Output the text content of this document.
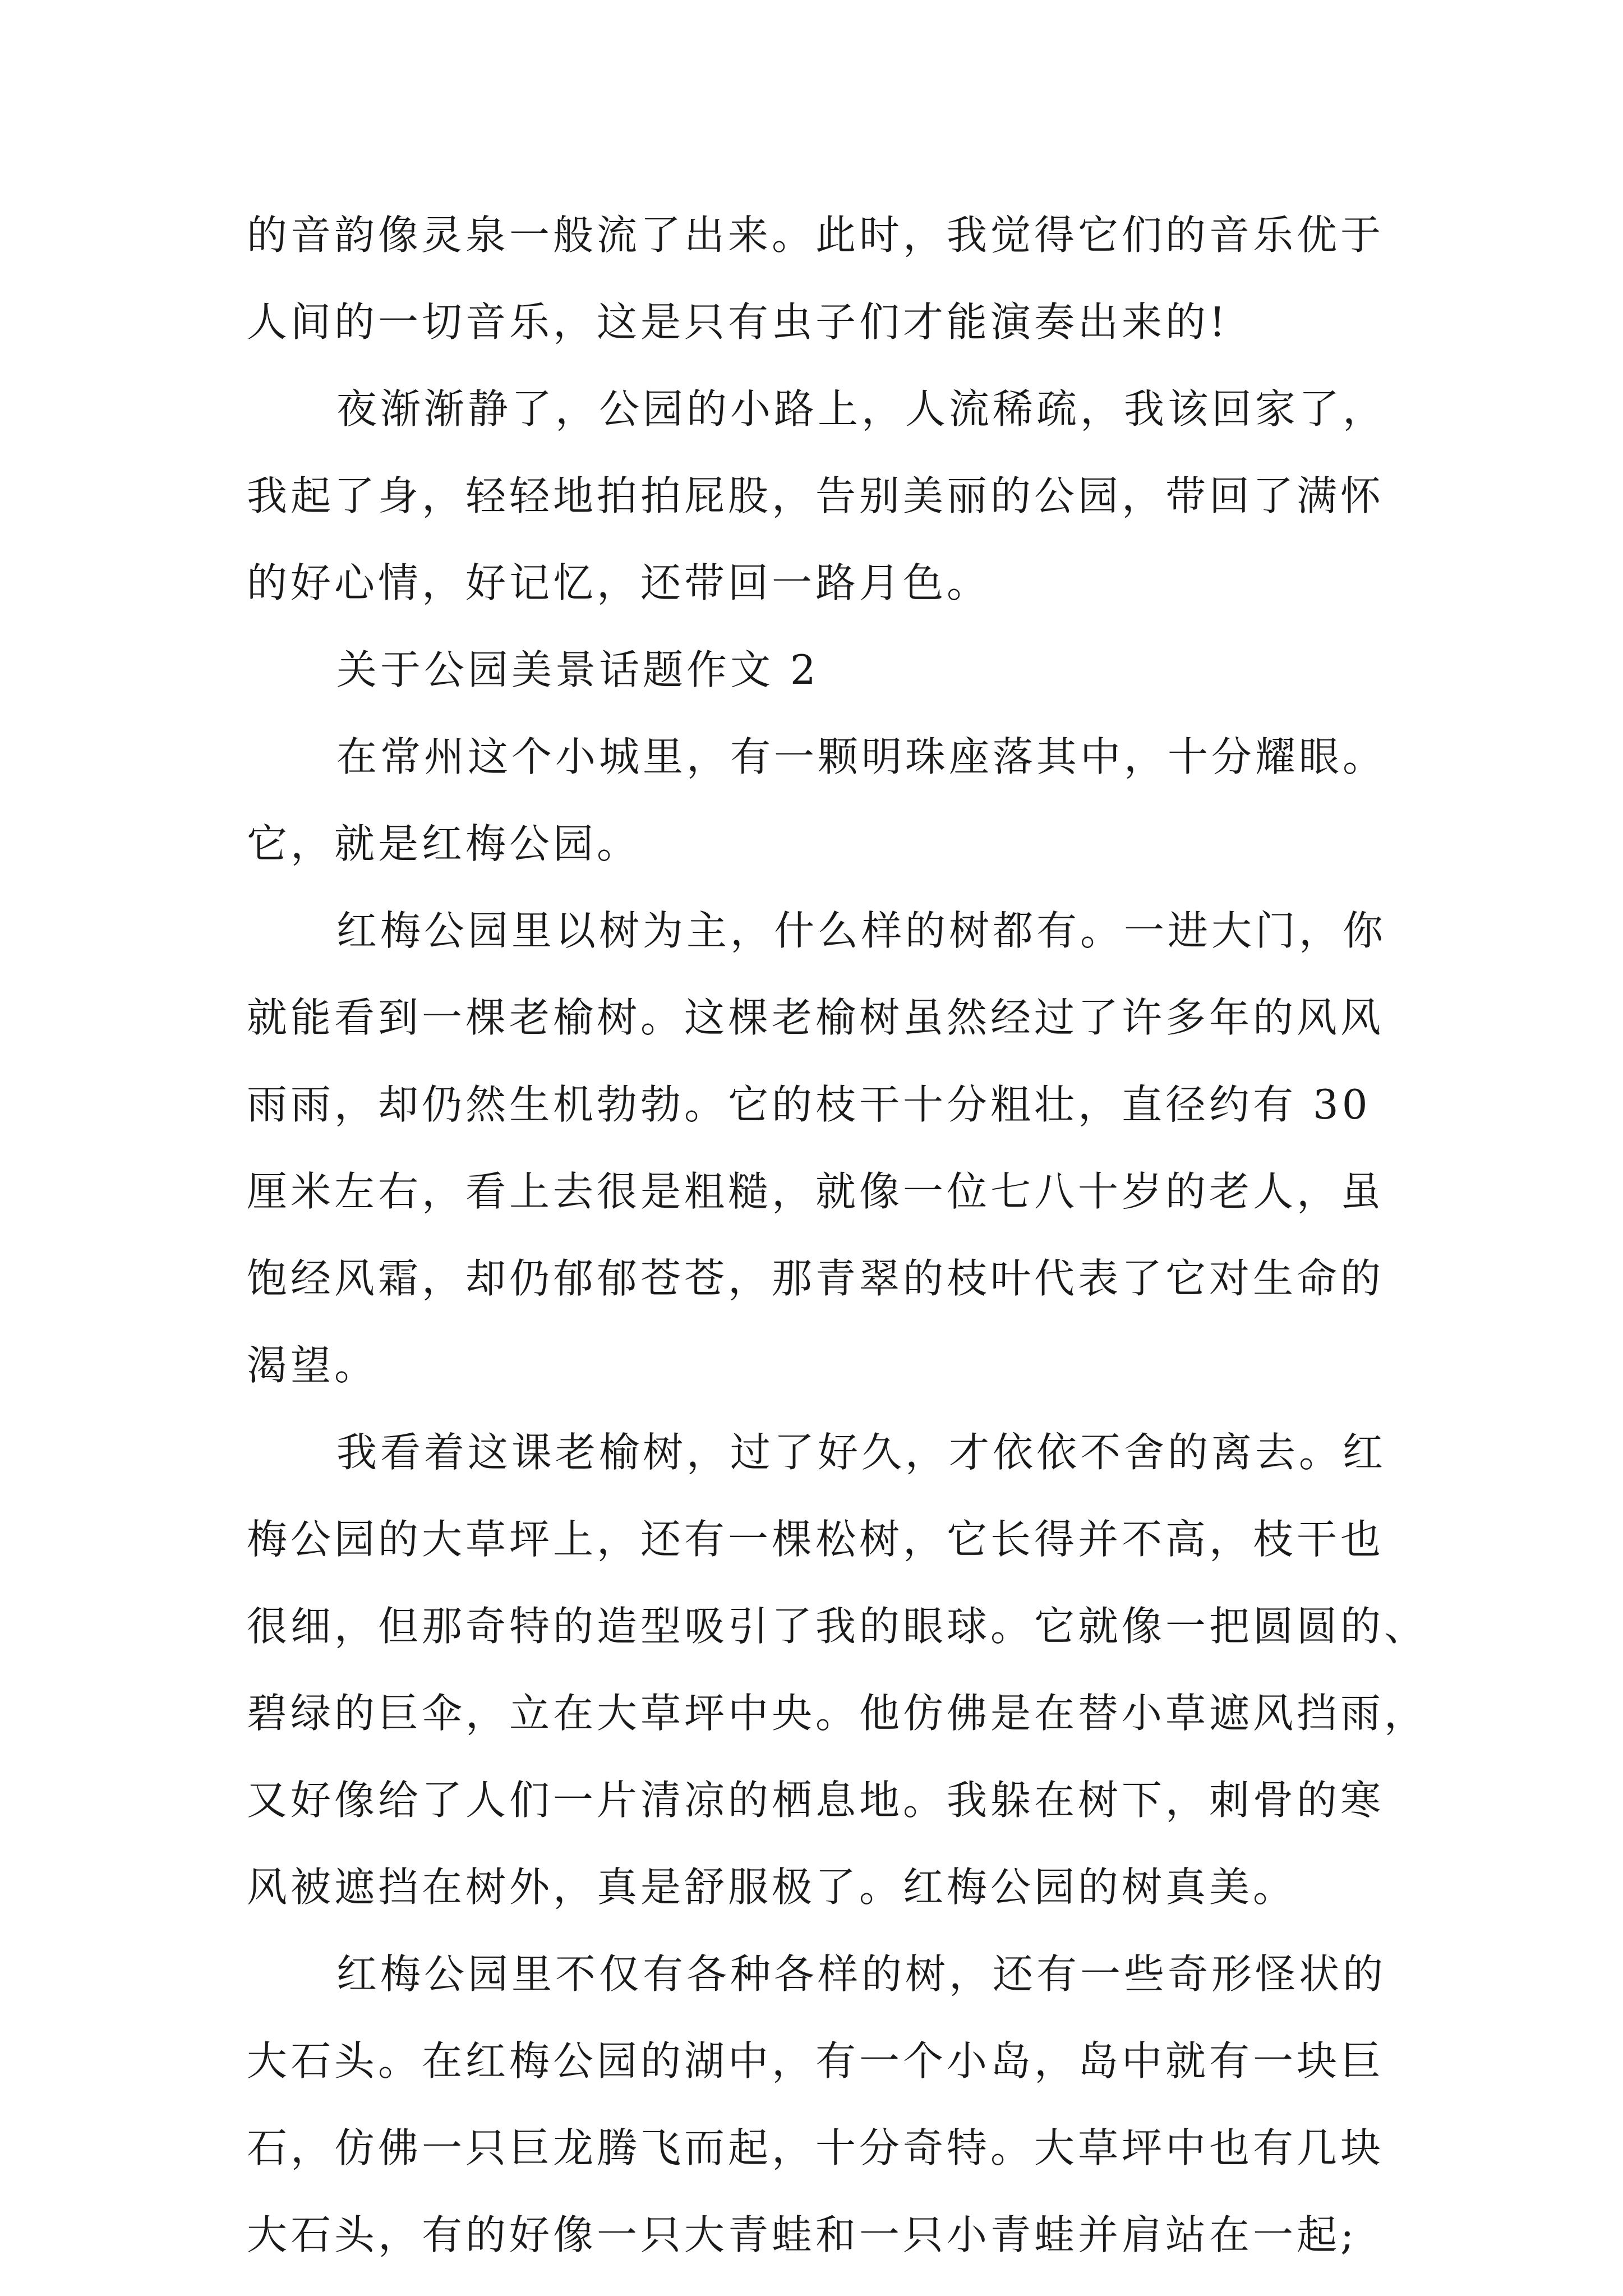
的音韵像灵泉一般流了出来。此时，我觉得它们的音乐优于
人间的一切音乐，这是只有虫子们才能演奏出来的!
夜渐渐静了，公园的小路上，人流稀疏，我该回家了，
我起了身，轻轻地拍拍屁股，告别美丽的公园，带回了满怀
的好心情，好记忆，还带回一路月色。
关于公园美景话题作文 2
在常州这个小城里，有一颗明珠座落其中，十分耀眼。
它，就是红梅公园。
红梅公园里以树为主，什么样的树都有。一进大门，你
就能看到一棵老榆树。这棵老榆树虽然经过了许多年的风风
雨雨，却仍然生机勃勃。它的枝干十分粗壮，直径约有 30
厘米左右，看上去很是粗糙，就像一位七八十岁的老人，虽
饱经风霜，却仍郁郁苍苍，那青翠的枝叶代表了它对生命的
渴望。
我看着这课老榆树，过了好久，才依依不舍的离去。红
梅公园的大草坪上，还有一棵松树，它长得并不高，枝干也
很细，但那奇特的造型吸引了我的眼球。它就像一把圆圆的、
碧绿的巨伞，立在大草坪中央。他仿佛是在替小草遮风挡雨，
又好像给了人们一片清凉的栖息地。我躲在树下，刺骨的寒
风被遮挡在树外，真是舒服极了。红梅公园的树真美。
红梅公园里不仅有各种各样的树，还有一些奇形怪状的
大石头。在红梅公园的湖中，有一个小岛，岛中就有一块巨
石，仿佛一只巨龙腾飞而起，十分奇特。大草坪中也有几块
大石头，有的好像一只大青蛙和一只小青蛙并肩站在一起;
